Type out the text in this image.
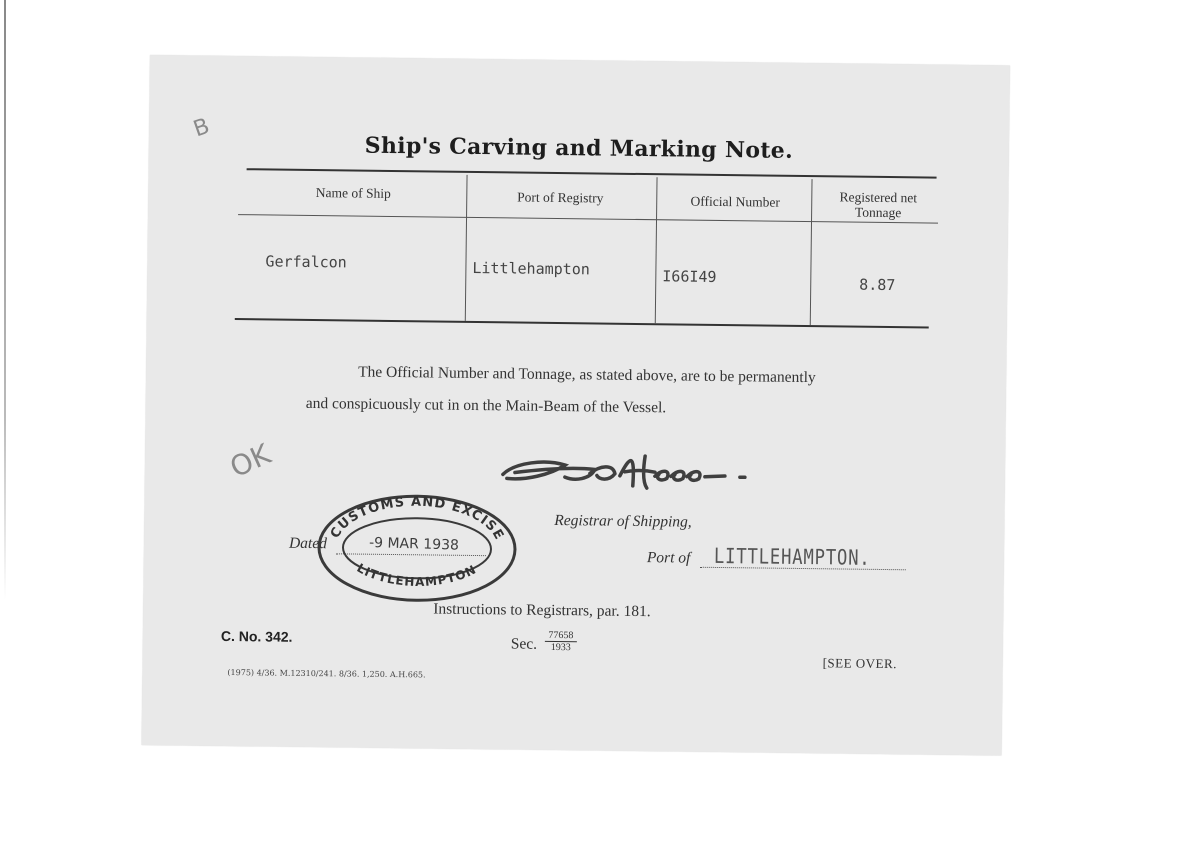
B
Ship's Carving and Marking Note.
Name of Ship	Port of Registry	Official Number	Registered net Tonnage
Gerfalcon	Littlehampton	I66I49	8.87
The Official Number and Tonnage, as stated above, are to be permanently
and conspicuously cut in on the Main-Beam of the Vessel.
OK
Registrar of Shipping,
Port of LITTLEHAMPTON.
Dated	-9 MAR 1938
CUSTOMS AND EXCISE
LITTLEHAMPTON
Instructions to Registrars, par. 181.
C. No. 342.	Sec. $\frac{77658}{1933}$
[SEE OVER.
(1975) 4/36. M.12310/241. 8/36. 1,250. A.H.665.
